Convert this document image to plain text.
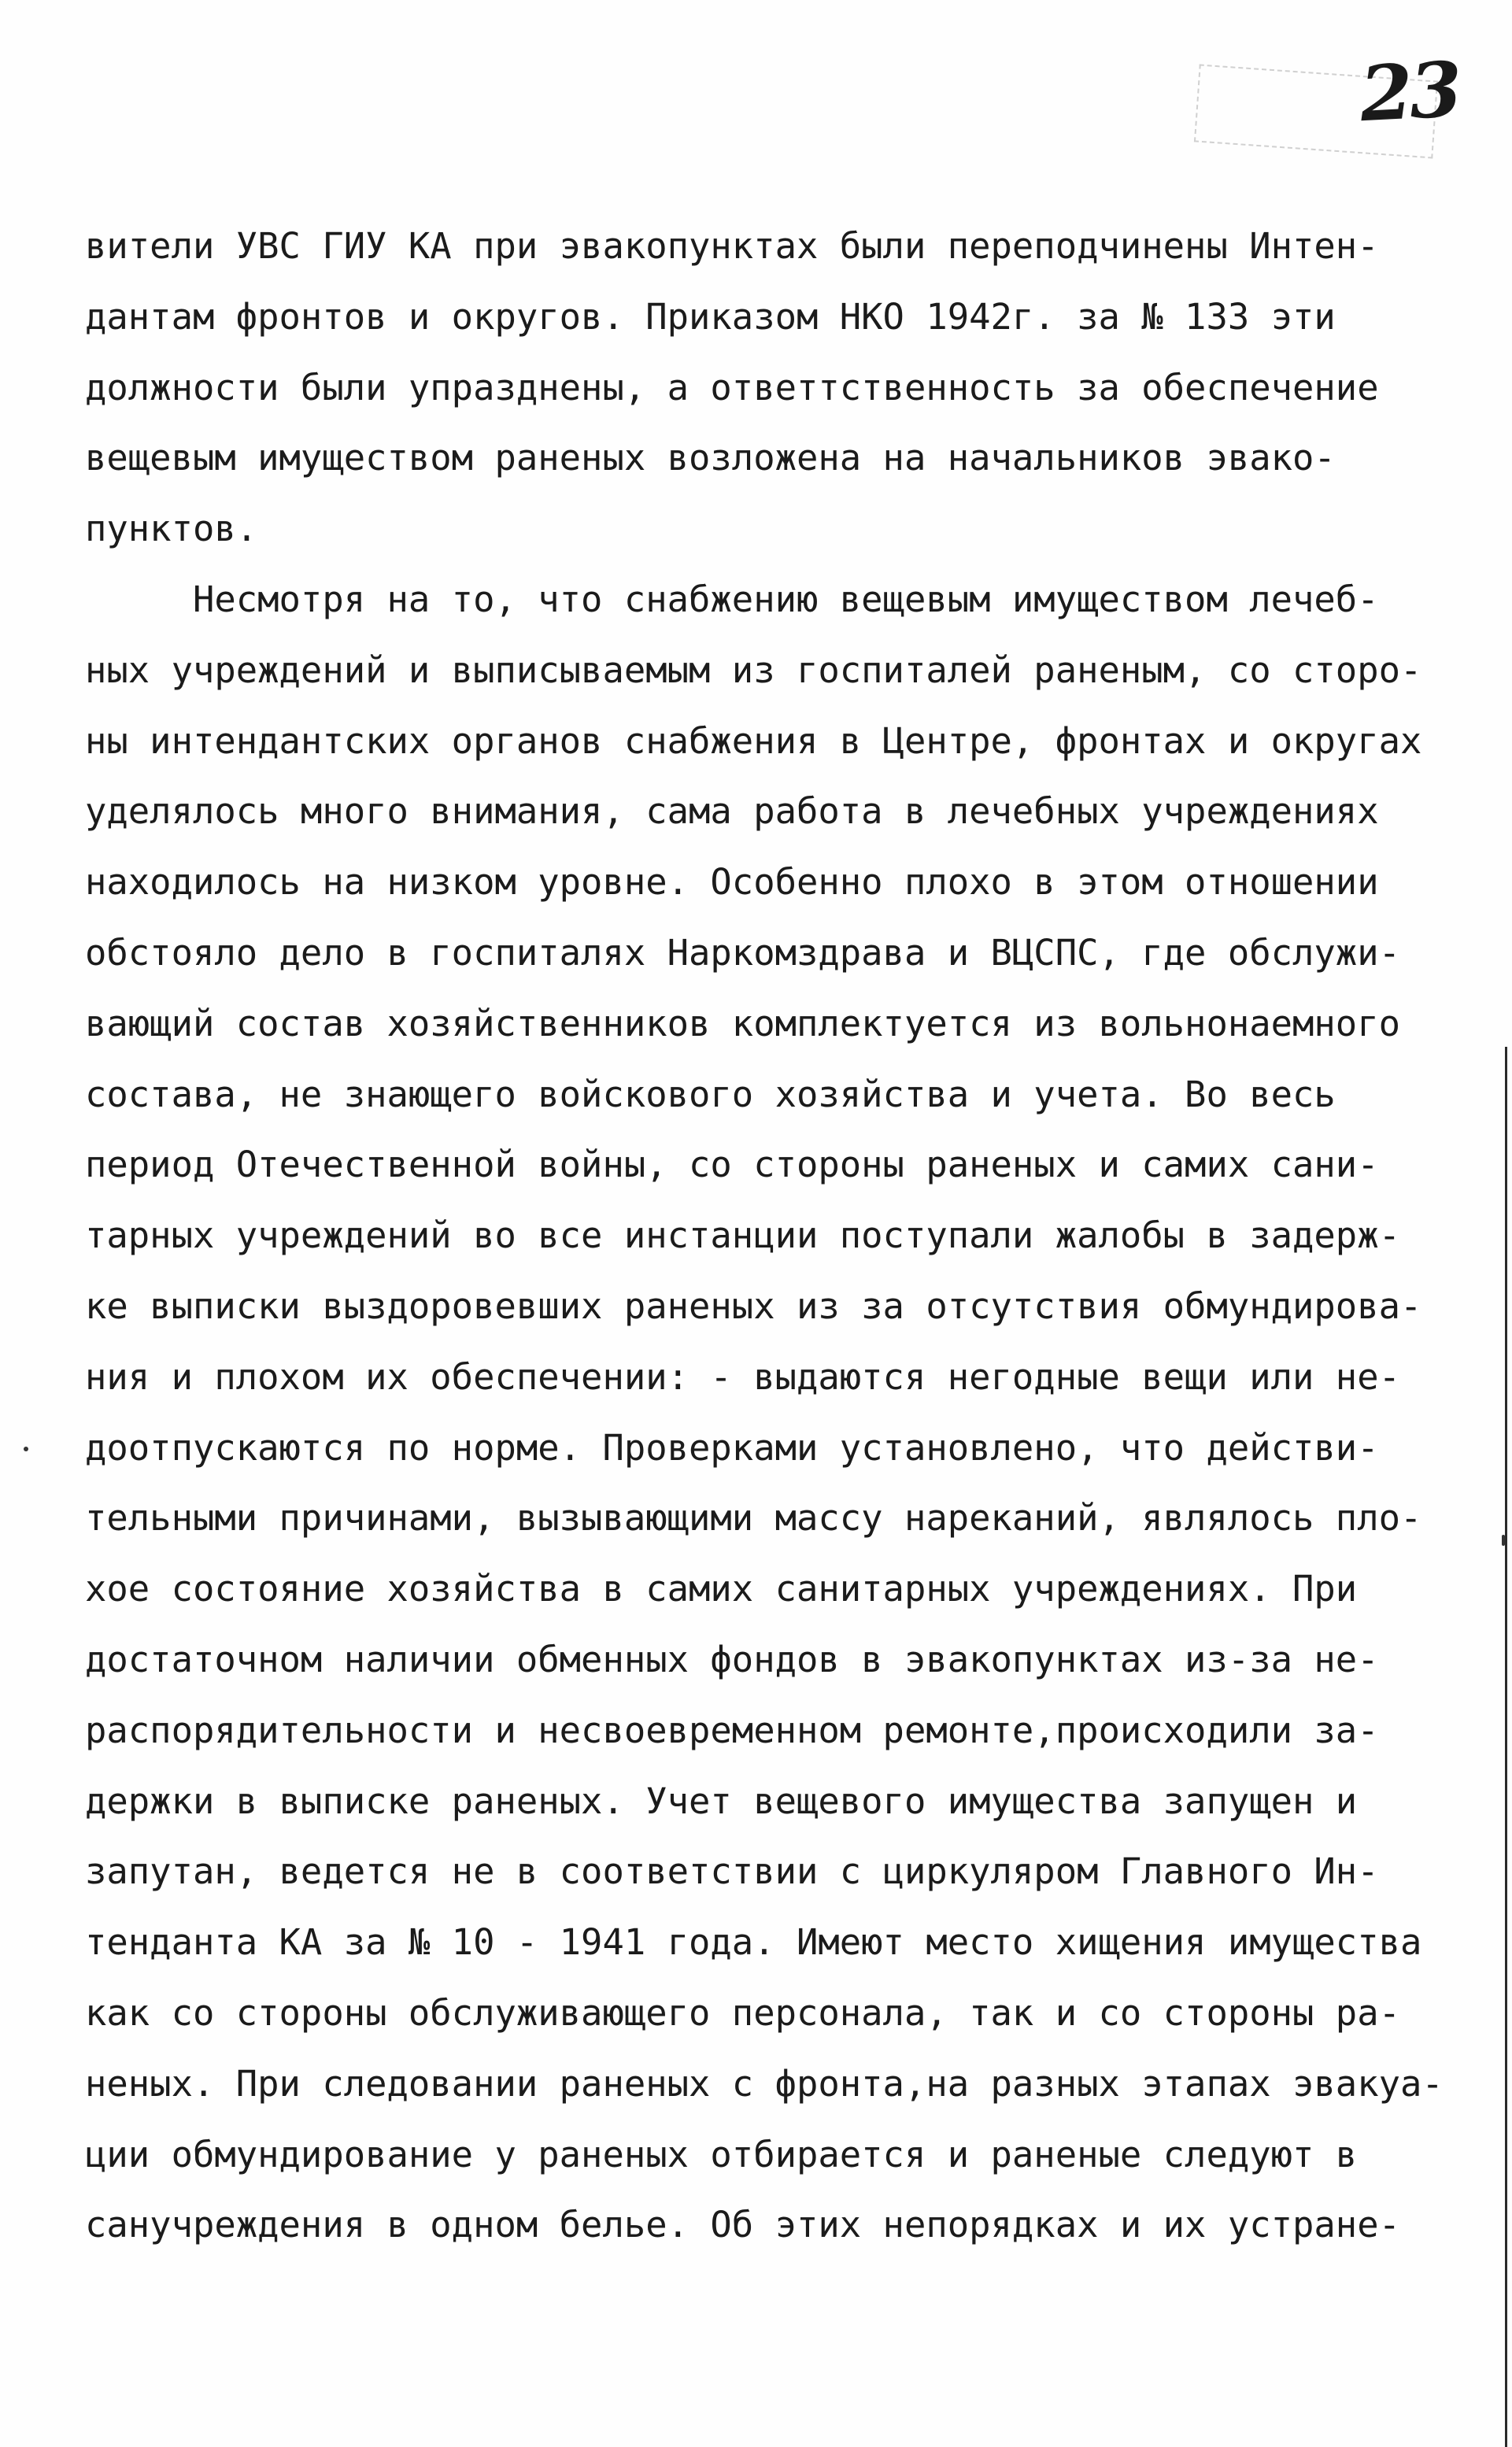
23
вители УВС ГИУ КА при эвакопунктах были переподчинены Интен-
дантам фронтов и округов. Приказом НКО 1942г. за № 133 эти
должности были упразднены, а ответтственность за обеспечение
вещевым имуществом раненых возложена на начальников эвако-
пунктов.
Несмотря на то, что снабжению вещевым имуществом лечеб-
ных учреждений и выписываемым из госпиталей раненым, со сторо-
ны интендантских органов снабжения в Центре, фронтах и округах
уделялось много внимания, сама работа в лечебных учреждениях
находилось на низком уровне. Особенно плохо в этом отношении
обстояло дело в госпиталях Наркомздрава и ВЦСПС, где обслужи-
вающий состав хозяйственников комплектуется из вольнонаемного
состава, не знающего войскового хозяйства и учета. Во весь
период Отечественной войны, со стороны раненых и самих сани-
тарных учреждений во все инстанции поступали жалобы в задерж-
ке выписки выздоровевших раненых из за отсутствия обмундирова-
ния и плохом их обеспечении: - выдаются негодные вещи или не-
доотпускаются по норме. Проверками установлено, что действи-
тельными причинами, вызывающими массу нареканий, являлось пло-
хое состояние хозяйства в самих санитарных учреждениях. При
достаточном наличии обменных фондов в эвакопунктах из-за не-
распорядительности и несвоевременном ремонте,происходили за-
держки в выписке раненых. Учет вещевого имущества запущен и
запутан, ведется не в соответствии с циркуляром Главного Ин-
тенданта КА за № 10 - 1941 года. Имеют место хищения имущества
как со стороны обслуживающего персонала, так и со стороны ра-
неных. При следовании раненых с фронта,на разных этапах эвакуа-
ции обмундирование у раненых отбирается и раненые следуют в
санучреждения в одном белье. Об этих непорядках и их устране-
